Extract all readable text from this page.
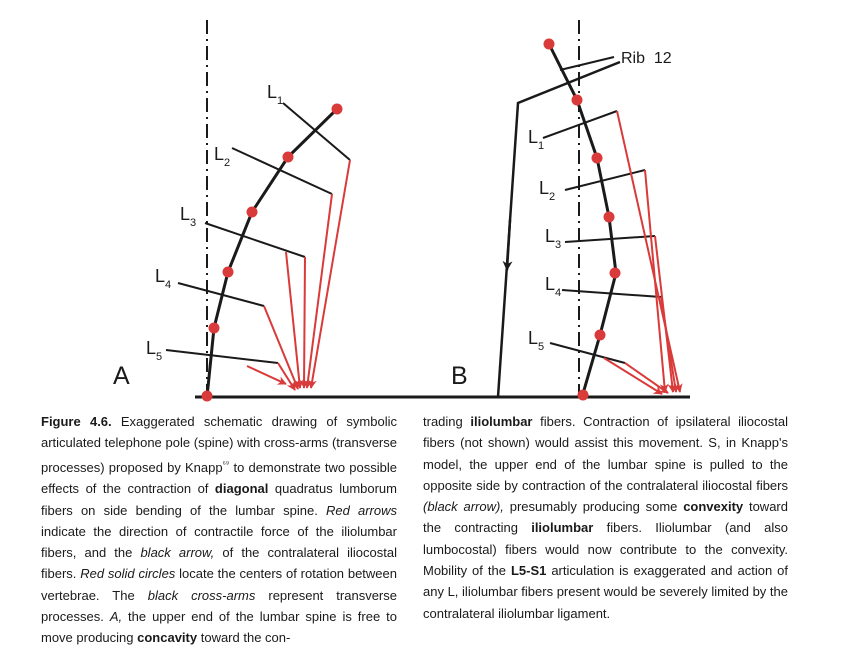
$L_1$
$L_2$
$L_3$
$L_4$
$L_5$
A
Rib  12
$L_1$
$L_2$
$L_3$
$L_4$
$L_5$
B

Figure 4.6. Exaggerated schematic drawing of symbolic articulated telephone pole (spine) with cross-arms (transverse processes) proposed by Knapp$^{^{69}}$ to demonstrate two possible effects of the contraction of diagonal quadratus lumborum fibers on side bending of the lumbar spine. Red arrows indicate the direction of contractile force of the iliolumbar fibers, and the black arrow, of the contralateral iliocostal fibers. Red solid circles locate the centers of rotation between vertebrae. The black cross-arms represent transverse processes. A, the upper end of the lumbar spine is free to move producing concavity toward the con-

trading iliolumbar fibers. Contraction of ipsilateral iliocostal fibers (not shown) would assist this movement. S, in Knapp's model, the upper end of the lumbar spine is pulled to the opposite side by contraction of the contralateral iliocostal fibers (black arrow), presumably producing some convexity toward the contracting iliolumbar fibers. Iliolumbar (and also lumbocostal) fibers would now contribute to the convexity. Mobility of the L5-S1 articulation is exaggerated and action of any L, iliolumbar fibers present would be severely limited by the contralateral iliolumbar ligament.
